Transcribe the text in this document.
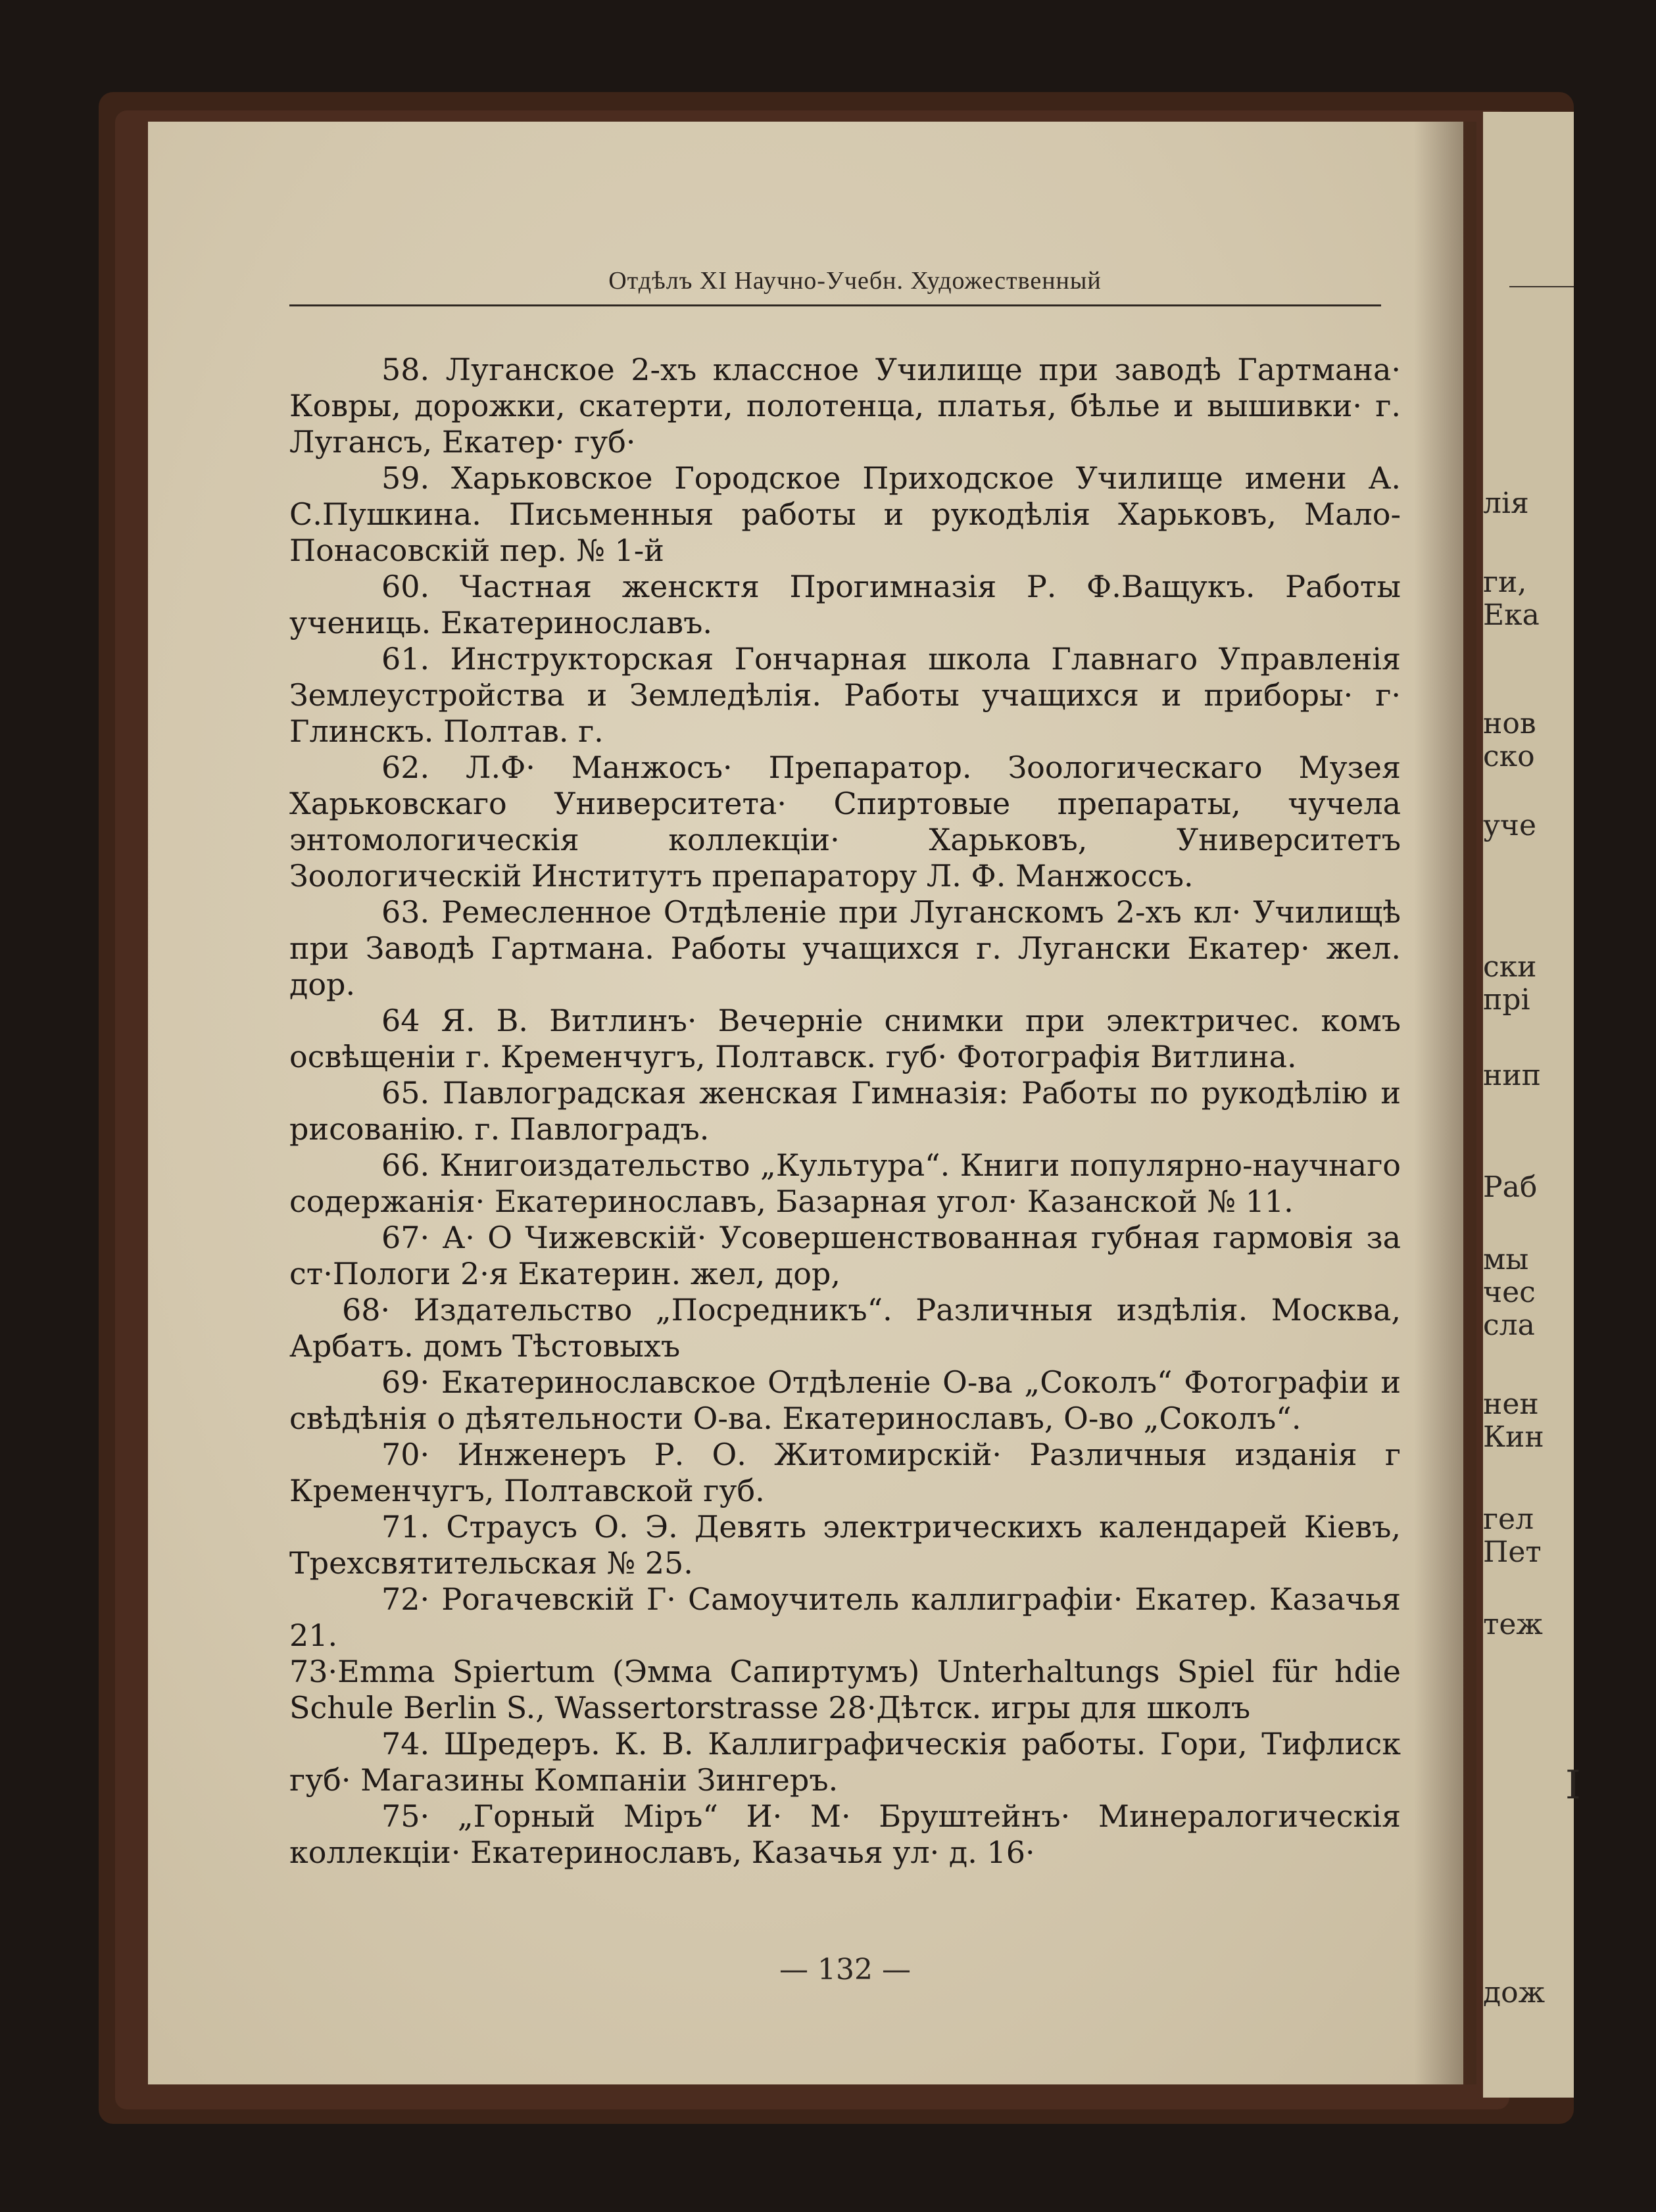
лія
ги,
Ека
нов
ско
уче
ски
прі
нип
Раб
мы
чес
сла
нен
Кин
гел
Пет
теж
І
дож
Отдѣлъ XI Научно-Учебн. Художественный

58. Луганское 2-хъ классное Училище при заводѣ Гартмана· Ковры, дорожки, скатерти, полотенца, платья, бѣлье и вышивки· г. Лугансъ, Екатер· губ·

59. Харьковское Городское Приходское Училище имени А. С.Пушкина. Письменныя работы и рукодѣлія Харьковъ, Мало-Понасовскій пер. № 1-й

60. Частная женсктя Прогимназія Р. Ф.Ващукъ. Работы учениць. Екатеринославъ.

61. Инструкторская Гончарная школа Главнаго Управленія Землеустройства и Земледѣлія. Работы учащихся и приборы· г· Глинскъ. Полтав. г.

62. Л.Ф· Манжосъ· Препаратор. Зоологическаго Музея Харьковскаго Университета· Спиртовые препараты, чучела энтомологическія коллекціи· Харьковъ, Университетъ Зоологическій Институтъ препаратору Л. Ф. Манжоссъ.

63. Ремесленное Отдѣленіе при Луганскомъ 2-хъ кл· Училищѣ при Заводѣ Гартмана. Работы учащихся г. Лугански Екатер· жел. дор.

64 Я. В. Витлинъ· Вечерніе снимки при электричес. комъ освѣщеніи г. Кременчугъ, Полтавск. губ· Фотографія Витлина.

65. Павлоградская женская Гимназія: Работы по рукодѣлію и рисованію. г. Павлоградъ.

66. Книгоиздательство „Культура“. Книги популярно-научнаго содержанія· Екатеринославъ, Базарная угол· Казанской № 11.

67· А· О Чижевскій· Усовершенствованная губная гармовія за ст·Пологи 2·я Екатерин. жел, дор,

68· Издательство „Посредникъ“. Различныя издѣлія. Москва, Арбатъ. домъ Тѣстовыхъ

69· Екатеринославское Отдѣленіе О-ва „Соколъ“ Фотографіи и свѣдѣнія о дѣятельности О-ва. Екатеринославъ, О-во „Соколъ“.

70· Инженеръ Р. О. Житомирскій· Различныя изданія г Кременчугъ, Полтавской губ.

71. Страусъ О. Э. Девять электрическихъ календарей Кіевъ, Трехсвятительская № 25.

72· Рогачевскій Г· Самоучитель каллиграфіи· Екатер. Казачья 21.

73·Emma Spiertum (Эмма Сапиртумъ) Unterhaltungs Spiel für hdie Schule Berlin S., Wassertorstrasse 28·Дѣтск. игры для школъ

74. Шредеръ. К. В. Каллиграфическія работы. Гори, Тифлиск губ· Магазины Компаніи Зингеръ.

75· „Горный Міръ“ И· М· Бруштейнъ· Минералогическія коллекціи· Екатеринославъ, Казачья ул· д. 16·

— 132 —
